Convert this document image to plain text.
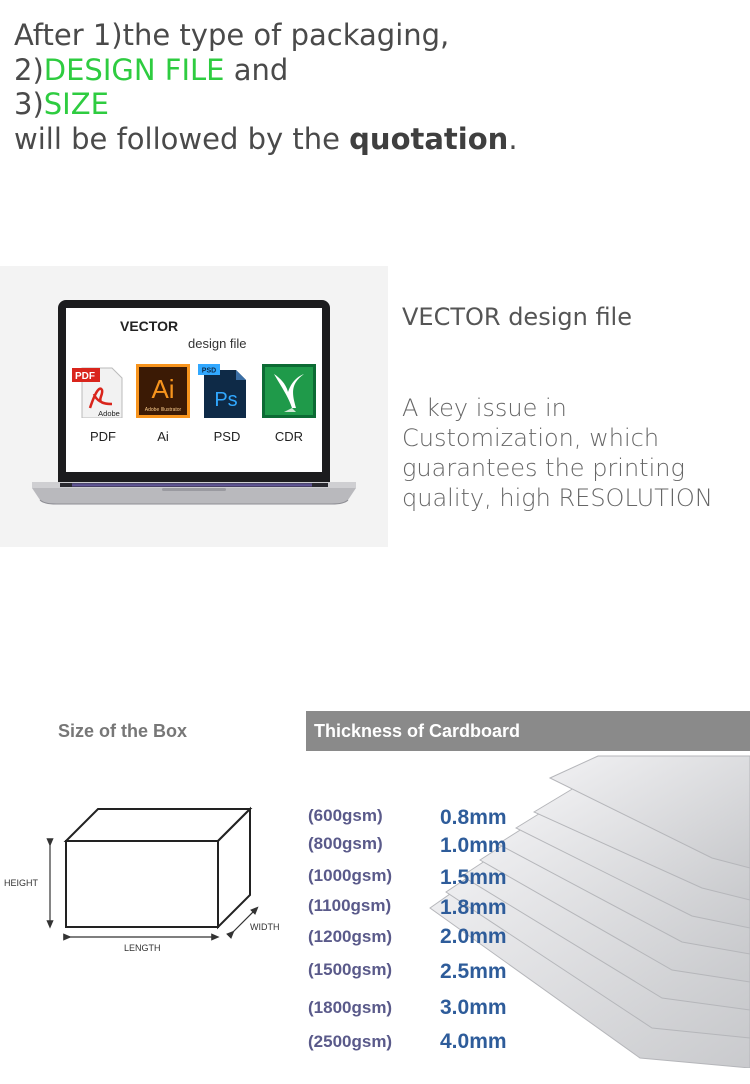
After 1)the type of packaging,
2)DESIGN FILE and
3)SIZE
will be followed by the quotation.
VECTOR
design file
PDF
Adobe
PDF
Ai
Adobe Illustrator
Ai
PSD
Ps
PSD	CDR
VECTOR design file
A key issue in Customization, which guarantees the printing quality, high RESOLUTION
Size of the Box
HEIGHT
WIDTH
LENGTH
Thickness of Cardboard
(600gsm)	0.8mm
(800gsm)	1.0mm
(1000gsm) 1.5mm
(1100gsm) 1.8mm
(1200gsm) 2.0mm
(1500gsm) 2.5mm
(1800gsm) 3.0mm
(2500gsm) 4.0mm
